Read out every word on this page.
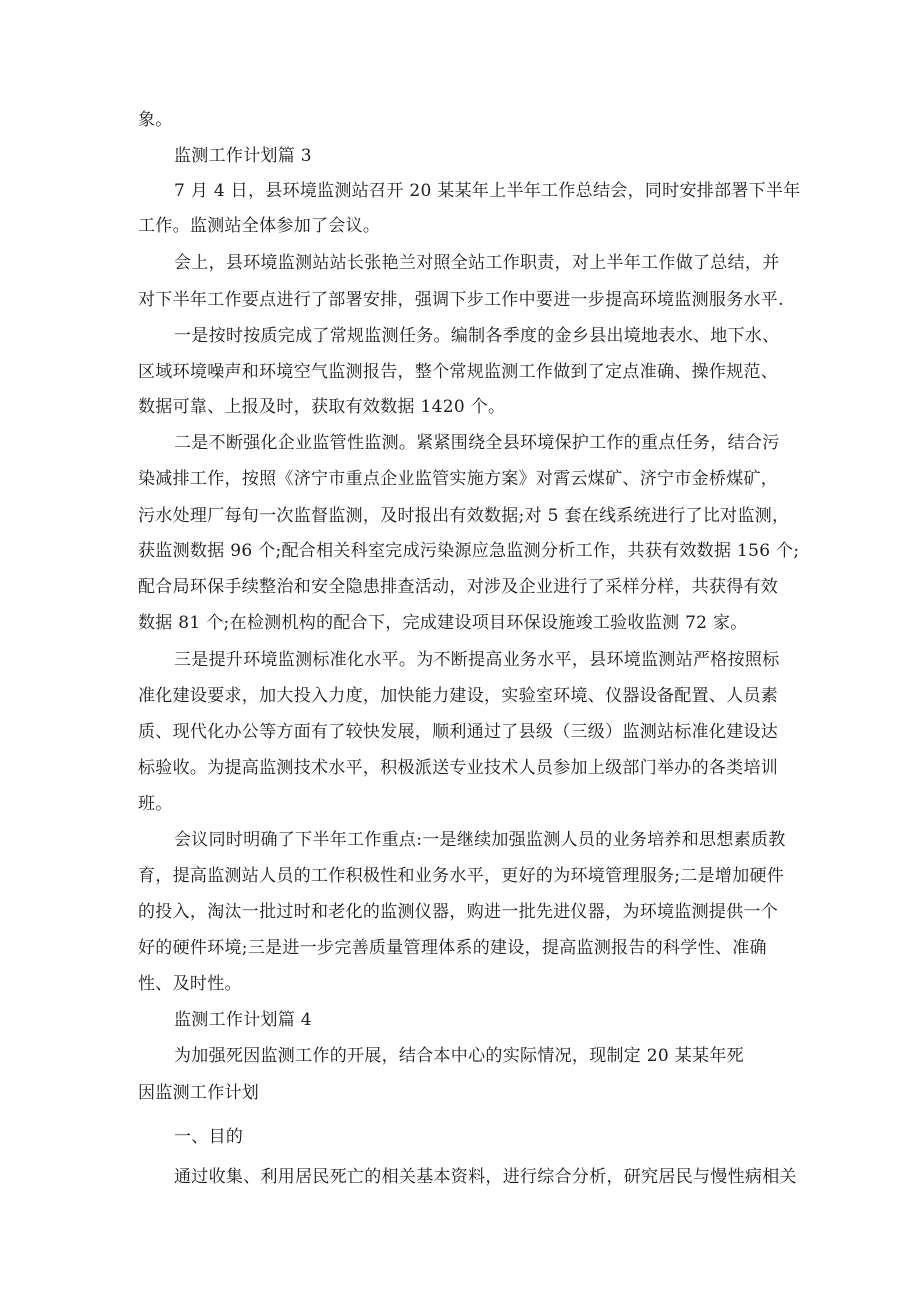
象。
监测工作计划篇 3
7 月 4 日，县环境监测站召开 20 某某年上半年工作总结会，同时安排部署下半年
工作。监测站全体参加了会议。
会上，县环境监测站站长张艳兰对照全站工作职责，对上半年工作做了总结，并
对下半年工作要点进行了部署安排，强调下步工作中要进一步提高环境监测服务水平.
一是按时按质完成了常规监测任务。编制各季度的金乡县出境地表水、地下水、
区域环境噪声和环境空气监测报告，整个常规监测工作做到了定点准确、操作规范、
数据可靠、上报及时，获取有效数据 1420 个。
二是不断强化企业监管性监测。紧紧围绕全县环境保护工作的重点任务，结合污
染减排工作，按照《济宁市重点企业监管实施方案》对霄云煤矿、济宁市金桥煤矿，
污水处理厂每旬一次监督监测，及时报出有效数据;对 5 套在线系统进行了比对监测，
获监测数据 96 个;配合相关科室完成污染源应急监测分析工作，共获有效数据 156 个;
配合局环保手续整治和安全隐患排查活动，对涉及企业进行了采样分样，共获得有效
数据 81 个;在检测机构的配合下，完成建设项目环保设施竣工验收监测 72 家。
三是提升环境监测标准化水平。为不断提高业务水平，县环境监测站严格按照标
准化建设要求，加大投入力度，加快能力建设，实验室环境、仪器设备配置、人员素
质、现代化办公等方面有了较快发展，顺利通过了县级（三级）监测站标准化建设达
标验收。为提高监测技术水平，积极派送专业技术人员参加上级部门举办的各类培训
班。
会议同时明确了下半年工作重点:一是继续加强监测人员的业务培养和思想素质教
育，提高监测站人员的工作积极性和业务水平，更好的为环境管理服务;二是增加硬件
的投入，淘汰一批过时和老化的监测仪器，购进一批先进仪器，为环境监测提供一个
好的硬件环境;三是进一步完善质量管理体系的建设，提高监测报告的科学性、准确
性、及时性。
监测工作计划篇 4
为加强死因监测工作的开展，结合本中心的实际情况，现制定 20 某某年死
因监测工作计划
一、目的
通过收集、利用居民死亡的相关基本资料，进行综合分析，研究居民与慢性病相关
